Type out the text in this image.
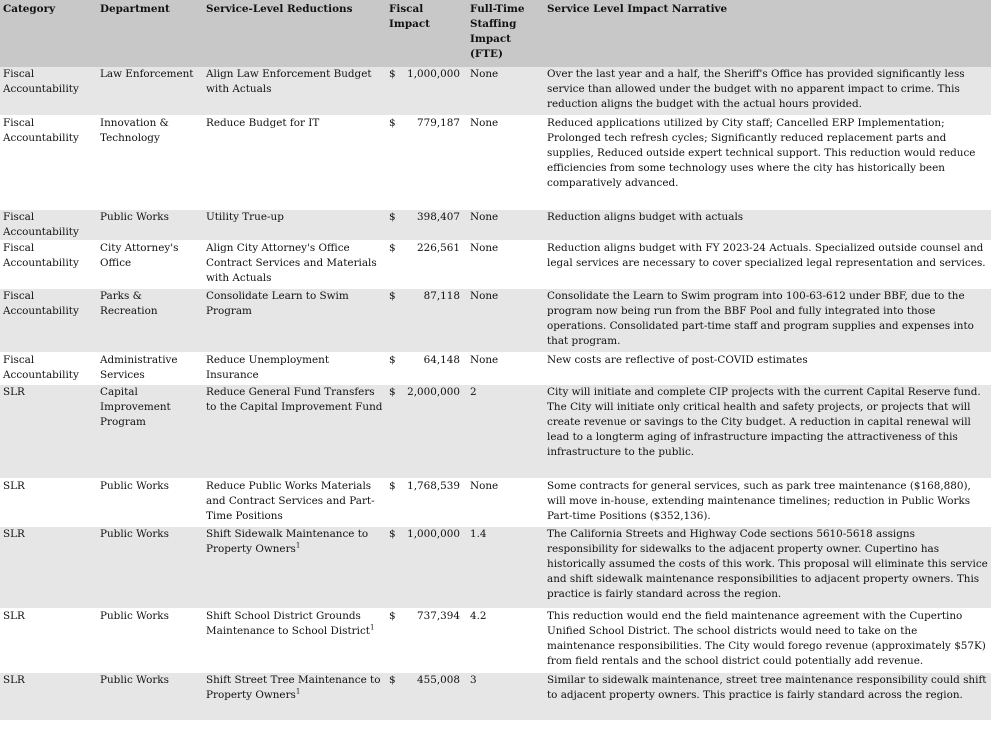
Category	Department	Service-Level Reductions	Fiscal Impact	Full-Time Staffing Impact (FTE)	Service Level Impact Narrative
Fiscal Accountability	Law Enforcement	Align Law Enforcement Budget with Actuals	$ 1,000,000	None	Over the last year and a half, the Sheriff's Office has provided significantly less service than allowed under the budget with no apparent impact to crime. This reduction aligns the budget with the actual hours provided.
Fiscal Accountability	Innovation & Technology	Reduce Budget for IT	$ 779,187	None	Reduced applications utilized by City staff; Cancelled ERP Implementation; Prolonged tech refresh cycles; Significantly reduced replacement parts and supplies, Reduced outside expert technical support. This reduction would reduce efficiencies from some technology uses where the city has historically been comparatively advanced.
Fiscal Accountability	Public Works	Utility True-up	$ 398,407	None	Reduction aligns budget with actuals
Fiscal Accountability	City Attorney's Office	Align City Attorney's Office Contract Services and Materials with Actuals	$ 226,561	None	Reduction aligns budget with FY 2023-24 Actuals. Specialized outside counsel and legal services are necessary to cover specialized legal representation and services.
Fiscal Accountability	Parks & Recreation	Consolidate Learn to Swim Program	$ 87,118	None	Consolidate the Learn to Swim program into 100-63-612 under BBF, due to the program now being run from the BBF Pool and fully integrated into those operations. Consolidated part-time staff and program supplies and expenses into that program.
Fiscal Accountability	Administrative Services	Reduce Unemployment Insurance	$ 64,148	None	New costs are reflective of post-COVID estimates
SLR	Capital Improvement Program	Reduce General Fund Transfers to the Capital Improvement Fund	$ 2,000,000	2	City will initiate and complete CIP projects with the current Capital Reserve fund. The City will initiate only critical health and safety projects, or projects that will create revenue or savings to the City budget. A reduction in capital renewal will lead to a longterm aging of infrastructure impacting the attractiveness of this infrastructure to the public.
SLR	Public Works	Reduce Public Works Materials and Contract Services and Part-Time Positions	$ 1,768,539	None	Some contracts for general services, such as park tree maintenance ($168,880), will move in-house, extending maintenance timelines; reduction in Public Works Part-time Positions ($352,136).
SLR	Public Works	Shift Sidewalk Maintenance to Property Owners$^1$	$ 1,000,000	1.4	The California Streets and Highway Code sections 5610-5618 assigns responsibility for sidewalks to the adjacent property owner. Cupertino has historically assumed the costs of this work. This proposal will eliminate this service and shift sidewalk maintenance responsibilities to adjacent property owners. This practice is fairly standard across the region.
SLR	Public Works	Shift School District Grounds Maintenance to School District$^1$	$ 737,394	4.2	This reduction would end the field maintenance agreement with the Cupertino Unified School District. The school districts would need to take on the maintenance responsibilities. The City would forego revenue (approximately $57K) from field rentals and the school district could potentially add revenue.
SLR	Public Works	Shift Street Tree Maintenance to Property Owners$^1$	$ 455,008	3	Similar to sidewalk maintenance, street tree maintenance responsibility could shift to adjacent property owners. This practice is fairly standard across the region.
